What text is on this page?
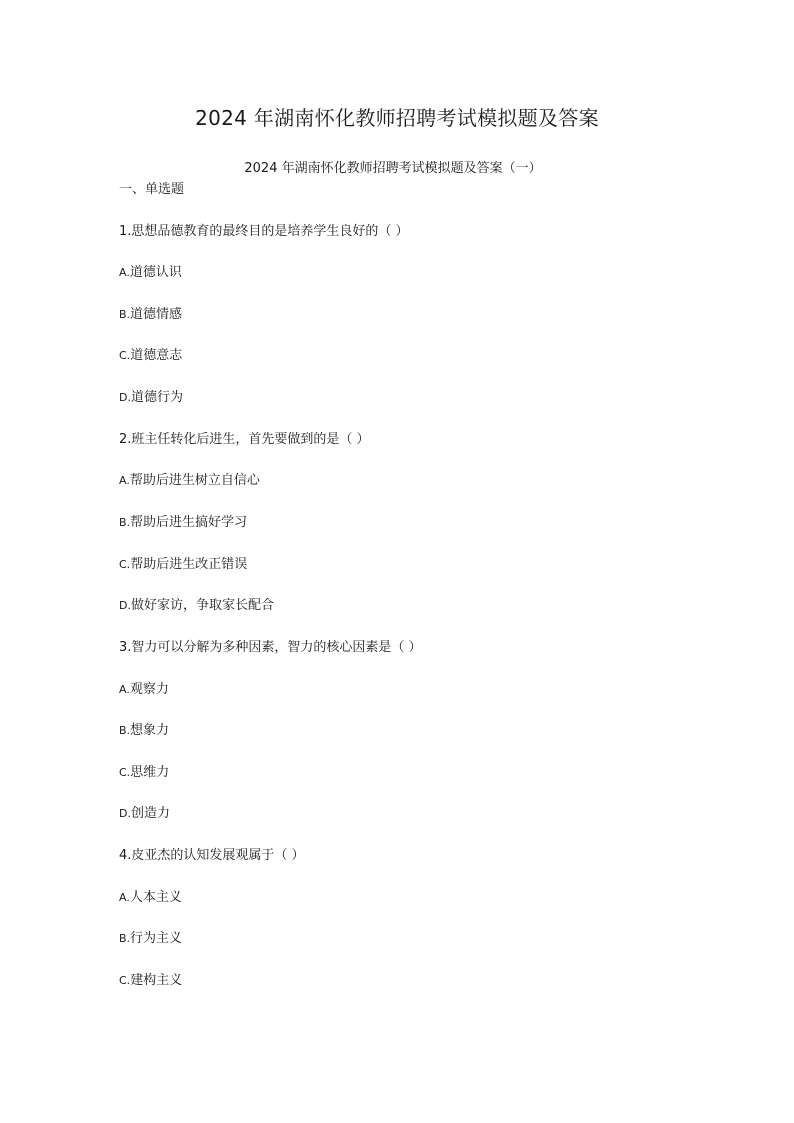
2024 年湖南怀化教师招聘考试模拟题及答案
2024 年湖南怀化教师招聘考试模拟题及答案（一）
一、单选题
1.思想品德教育的最终目的是培养学生良好的（ ）
A.道德认识
B.道德情感
C.道德意志
D.道德行为
2.班主任转化后进生，首先要做到的是（ ）
A.帮助后进生树立自信心
B.帮助后进生搞好学习
C.帮助后进生改正错误
D.做好家访，争取家长配合
3.智力可以分解为多种因素，智力的核心因素是（ ）
A.观察力
B.想象力
C.思维力
D.创造力
4.皮亚杰的认知发展观属于（ ）
A.人本主义
B.行为主义
C.建构主义
